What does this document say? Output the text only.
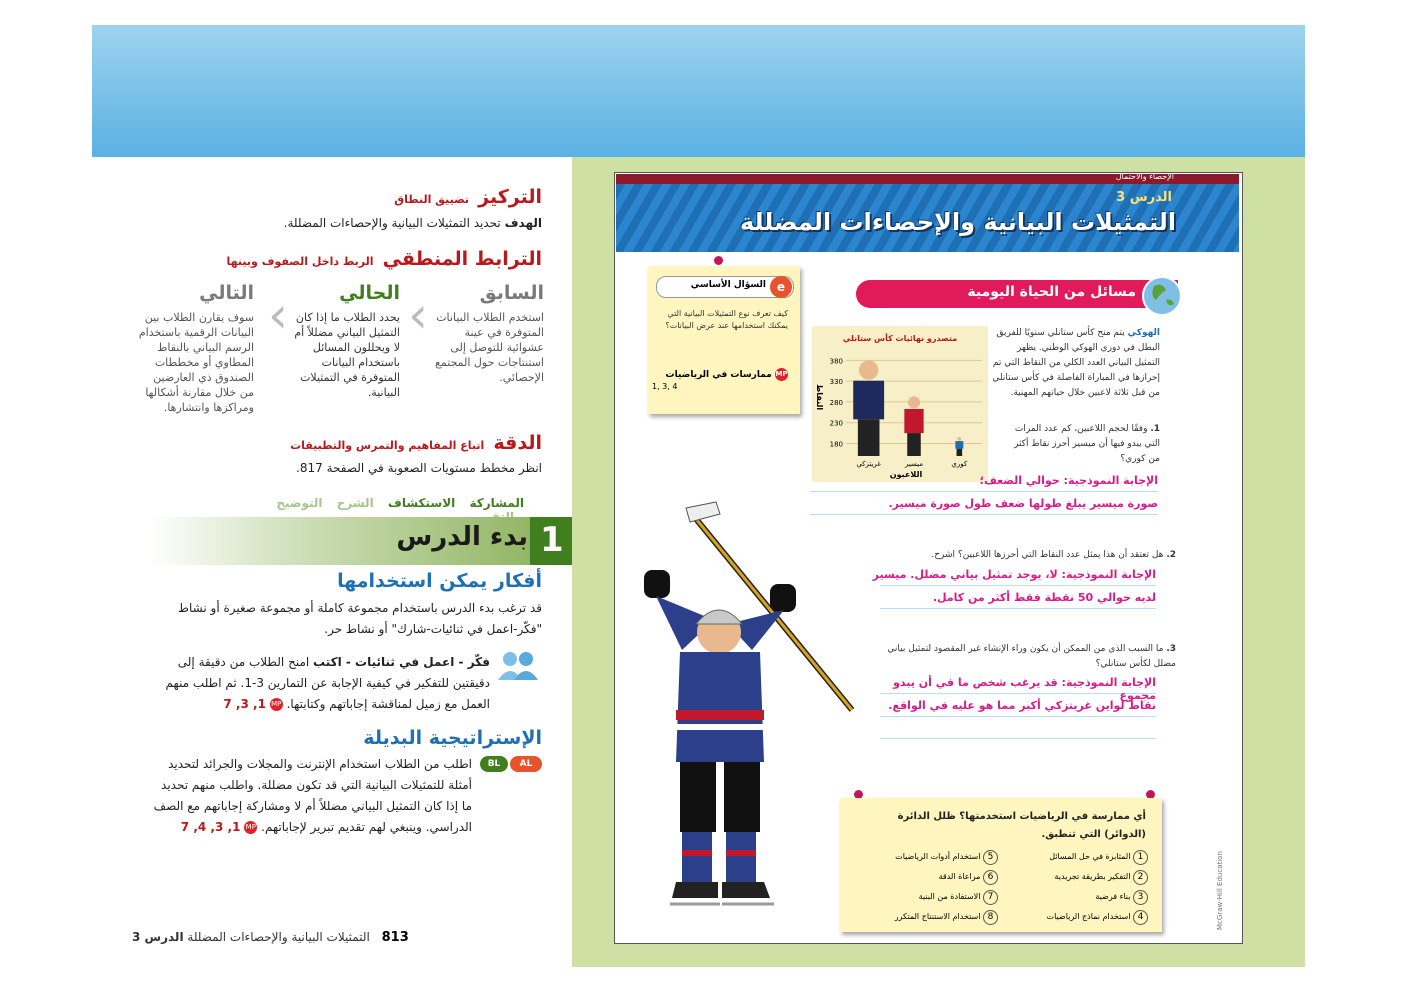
التركيز تضييق النطاق
الهدف تحديد التمثيلات البيانية والإحصاءات المضللة.
الترابط المنطقي الربط داخل الصفوف وبينها
السابق
استخدم الطلاب البيانات المتوفرة في عينة عشوائية للتوصل إلى استنتاجات حول المجتمع الإحصائي.
‹
الحالي
يحدد الطلاب ما إذا كان التمثيل البياني مضللاً أم لا ويحللون المسائل باستخدام البيانات المتوفرة في التمثيلات البيانية.
‹
التالي
سوف يقارن الطلاب بين البيانات الرقمية باستخدام الرسم البياني بالنقاط المطاوي أو مخططات الصندوق ذي العارضين من خلال مقارنة أشكالها ومراكزها وانتشارها.
الدقة اتباع المفاهيم والتمرس والتطبيقات
انظر مخطط مستويات الصعوبة في الصفحة 817.
المشاركة الاستكشاف الشرح التوضيح
1
بدء الدرس
أفكار يمكن استخدامها
قد ترغب بدء الدرس باستخدام مجموعة كاملة أو مجموعة صغيرة أو نشاط "فكّر-اعمل في ثنائيات-شارك" أو نشاط حر.
فكّر - اعمل في ثنائيات - اكتب امنح الطلاب من دقيقة إلى دقيقتين للتفكير في كيفية الإجابة عن التمارين 3-1. ثم اطلب منهم العمل مع زميل لمناقشة إجاباتهم وكتابتها. MP 1, 3, 7
الإستراتيجية البديلة
AL
BL
اطلب من الطلاب استخدام الإنترنت والمجلات والجرائد لتحديد أمثلة للتمثيلات البيانية التي قد تكون مضللة. واطلب منهم تحديد ما إذا كان التمثيل البياني مضللاً أم لا ومشاركة إجاباتهم مع الصف الدراسي. وينبغي لهم تقديم تبرير لإجاباتهم. MP 1, 3, 4, 7
813 التمثيلات البيانية والإحصاءات المضللة الدرس 3
الإحصاء والاحتمال
الدرس 3
التمثيلات البيانية والإحصاءات المضللة
e
السؤال الأساسي
كيف تعرف نوع التمثيلات البيانية التي يمكنك استخدامها عند عرض البيانات؟
MP ممارسات في الرياضيات
1, 3, 4
مسائل من الحياة اليومية
الهوكي يتم منح كأس ستانلي سنويًا للفريق البطل في دوري الهوكي الوطني. يظهر التمثيل البياني العدد الكلي من النقاط التي تم إحرازها في المباراة الفاصلة في كأس ستانلي من قبل ثلاثة لاعبين خلال حياتهم المهنية.
متصدرو نهائيات كأس ستانلي
180
230
280
330
380
غريتزكي	ميسير	كوري
النقاط
اللاعبون
1. وفقًا لحجم اللاعبين، كم عدد المرات التي يبدو فيها أن ميسير أحرز نقاط أكثر من كوري؟
الإجابة النموذجية: حوالي الضعف؛
صورة ميسير يبلغ طولها ضعف طول صورة ميسير.
2. هل تعتقد أن هذا يمثل عدد النقاط التي أحرزها اللاعبين؟ اشرح.
الإجابة النموذجية: لا، يوجد تمثيل بياني مضلل. ميسير
لديه حوالي 50 نقطة فقط أكثر من كامل.
3. ما السبب الذي من الممكن أن يكون وراء الإنشاء غير المقصود لتمثيل بياني مضلل لكأس ستانلي؟
الإجابة النموذجية: قد يرغب شخص ما في أن يبدو مجموع
نقاط لواين غريتزكي أكبر مما هو عليه في الواقع.
أي ممارسة في الرياضيات استخدمتها؟ ظلل الدائرة (الدوائر) التي تنطبق.
1 المثابرة في حل المسائل
2 التفكير بطريقة تجريدية
3 بناء فرضية
4 استخدام نماذج الرياضيات
5 استخدام أدوات الرياضيات
6 مراعاة الدقة
7 الاستفادة من البنية
8 استخدام الاستنتاج المتكرر	McGraw-Hill Education
